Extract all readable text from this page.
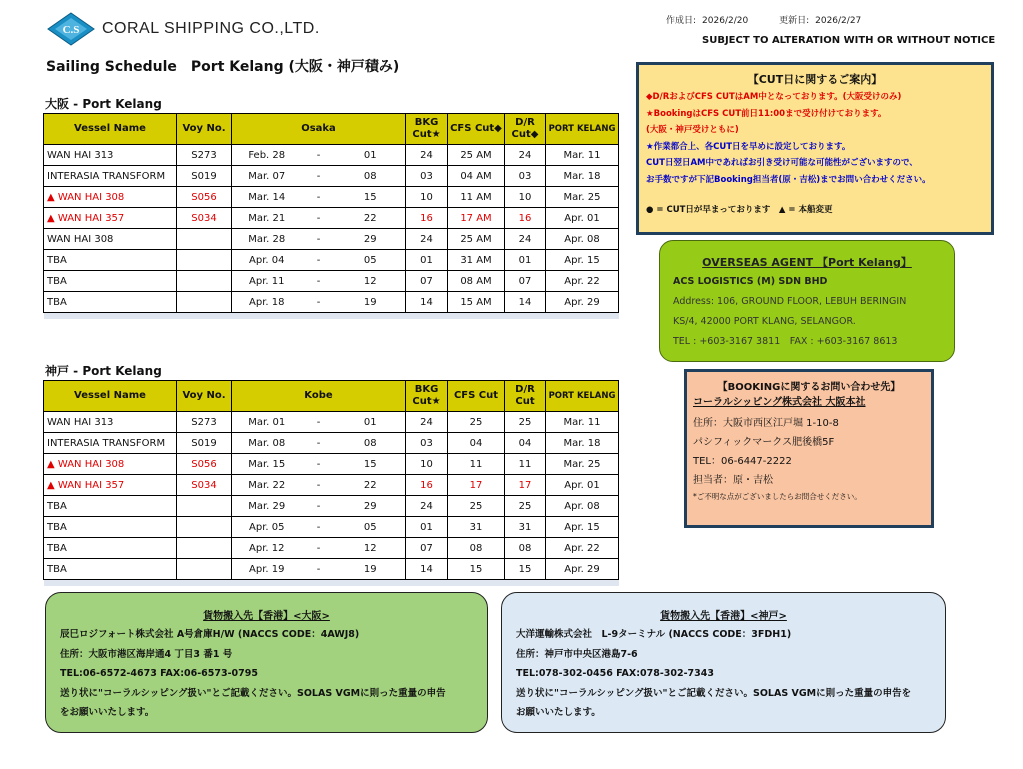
C.S CORAL SHIPPING CO.,LTD.	作成日: 2026/2/20	更新日: 2026/2/27
SUBJECT TO ALTERATION WITH OR WITHOUT NOTICE
Sailing Schedule　Port Kelang (大阪・神戸積み)
大阪 - Port Kelang
Vessel Name	Voy No.	Osaka			BKG Cut★	CFS Cut◆	D/R Cut◆	PORT KELANG
WAN HAI 313	S273	Feb. 28	-	01	24	25 AM	24	Mar. 11
INTERASIA TRANSFORM	S019	Mar. 07	-	08	03	04 AM	03	Mar. 18
▲ WAN HAI 308	S056	Mar. 14	-	15	10	11 AM	10	Mar. 25
▲ WAN HAI 357	S034	Mar. 21	-	22	16	17 AM	16	Apr. 01
WAN HAI 308		Mar. 28	-	29	24	25 AM	24	Apr. 08
TBA		Apr. 04	-	05	01	31 AM	01	Apr. 15
TBA		Apr. 11	-	12	07	08 AM	07	Apr. 22
TBA		Apr. 18	-	19	14	15 AM	14	Apr. 29

神戸 - Port Kelang
Vessel Name	Voy No.	Kobe			BKG Cut★	CFS Cut	D/R Cut	PORT KELANG
WAN HAI 313	S273	Mar. 01	-	01	24	25	25	Mar. 11
INTERASIA TRANSFORM	S019	Mar. 08	-	08	03	04	04	Mar. 18
▲ WAN HAI 308	S056	Mar. 15	-	15	10	11	11	Mar. 25
▲ WAN HAI 357	S034	Mar. 22	-	22	16	17	17	Apr. 01
TBA		Mar. 29	-	29	24	25	25	Apr. 08
TBA		Apr. 05	-	05	01	31	31	Apr. 15
TBA		Apr. 12	-	12	07	08	08	Apr. 22
TBA		Apr. 19	-	19	14	15	15	Apr. 29

【CUT日に関するご案内】
◆D/RおよびCFS CUTはAM中となっております。(大阪受けのみ)
★BookingはCFS CUT前日11:00まで受け付けております。
(大阪・神戸受けともに)
★作業都合上、各CUT日を早めに設定しております。
CUT日翌日AM中であればお引き受け可能な可能性がございますので、
お手数ですが下記Booking担当者(原・吉松)までお問い合わせください。
● = CUT日が早まっております　▲ = 本船変更
OVERSEAS AGENT 【Port Kelang】
ACS LOGISTICS (M) SDN BHD
Address: 106, GROUND FLOOR, LEBUH BERINGIN
KS/4, 42000 PORT KLANG, SELANGOR.
TEL : +603-3167 3811　FAX : +603-3167 8613
【BOOKINGに関するお問い合わせ先】
コーラルシッピング株式会社 大阪本社
住所：大阪市西区江戸堀 1-10-8
パシフィックマークス肥後橋5F
TEL：06-6447-2222
担当者：原・吉松
*ご不明な点がございましたらお問合せください。
貨物搬入先【香港】<大阪>
辰巳ロジフォート株式会社 A号倉庫H/W (NACCS CODE：4AWJ8)
住所：大阪市港区海岸通4 丁目3 番1 号
TEL:06-6572-4673 FAX:06-6573-0795
送り状に"コーラルシッピング扱い"とご記載ください。SOLAS VGMに則った重量の申告
をお願いいたします。
貨物搬入先【香港】<神戸>
大洋運輸株式会社　L-9ターミナル (NACCS CODE：3FDH1)
住所：神戸市中央区港島7-6
TEL:078-302-0456 FAX:078-302-7343
送り状に"コーラルシッピング扱い"とご記載ください。SOLAS VGMに則った重量の申告を
お願いいたします。
